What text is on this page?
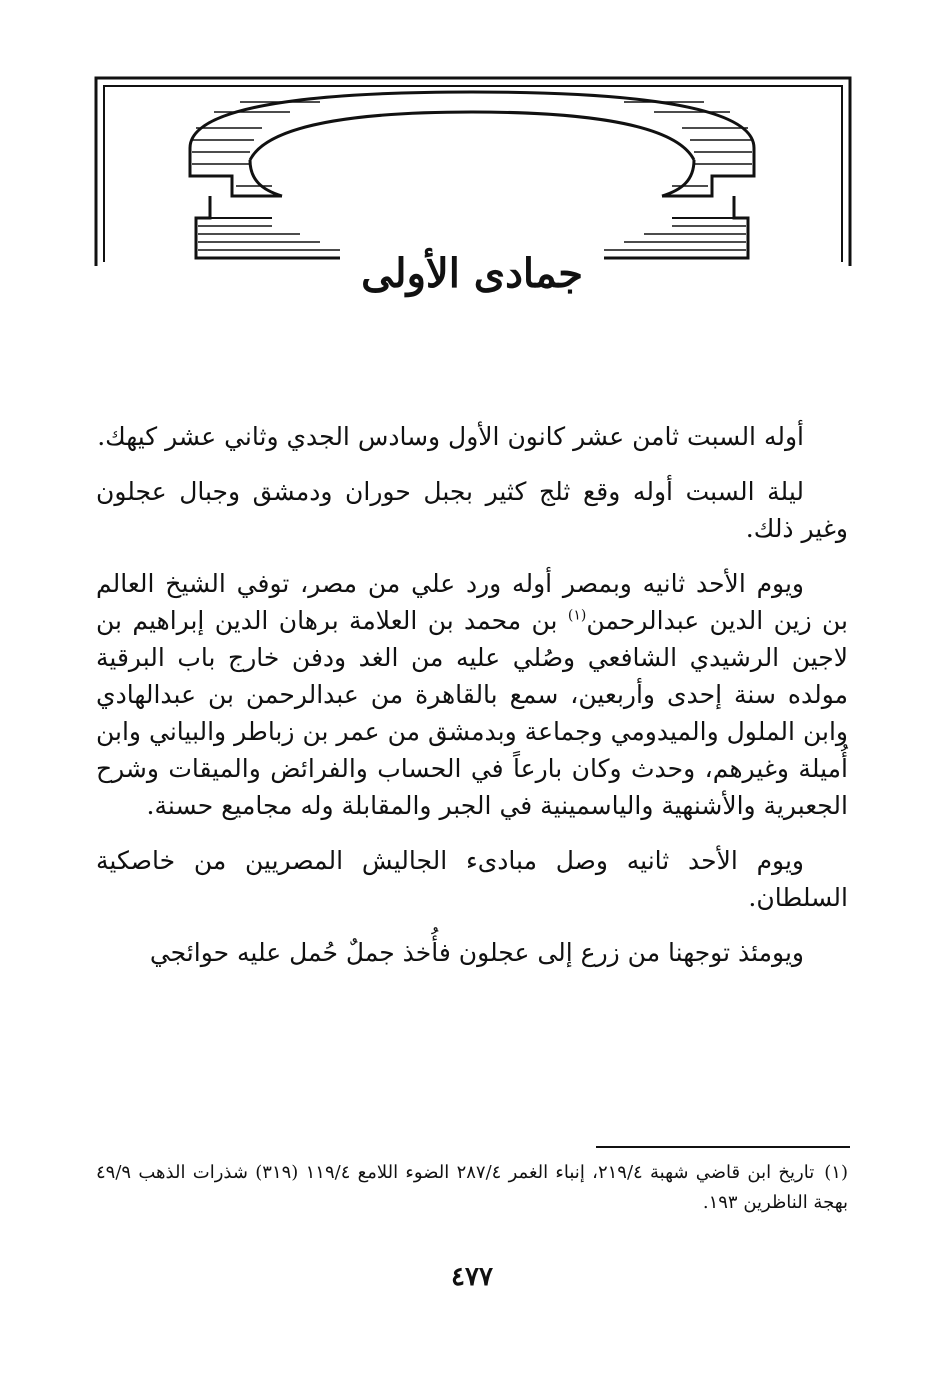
جمادى الأولى

أوله السبت ثامن عشر كانون الأول وسادس الجدي وثاني عشر كيهك.

ليلة السبت أوله وقع ثلج كثير بجبل حوران ودمشق وجبال عجلون وغير ذلك.

ويوم الأحد ثانيه وبمصر أوله ورد علي من مصر، توفي الشيخ العالم بن زين الدين عبدالرحمن$^{(١)}$ بن محمد بن العلامة برهان الدين إبراهيم بن لاجين الرشيدي الشافعي وصُلي عليه من الغد ودفن خارج باب البرقية مولده سنة إحدى وأربعين، سمع بالقاهرة من عبدالرحمن بن عبدالهادي وابن الملول والميدومي وجماعة وبدمشق من عمر بن زباطر والبياني وابن أُميلة وغيرهم، وحدث وكان بارعاً في الحساب والفرائض والميقات وشرح الجعبرية والأشنهية والياسمينية في الجبر والمقابلة وله مجاميع حسنة.

ويوم الأحد ثانيه وصل مبادىء الجاليش المصريين من خاصكية السلطان.

ويومئذ توجهنا من زرع إلى عجلون فأُخذ جملٌ حُمل عليه حوائجي

(١)تاريخ ابن قاضي شهبة ٢١٩/٤، إنباء الغمر ٢٨٧/٤ الضوء اللامع ١١٩/٤ (٣١٩) شذرات الذهب ٤٩/٩ بهجة الناظرين ١٩٣.
٤٧٧
